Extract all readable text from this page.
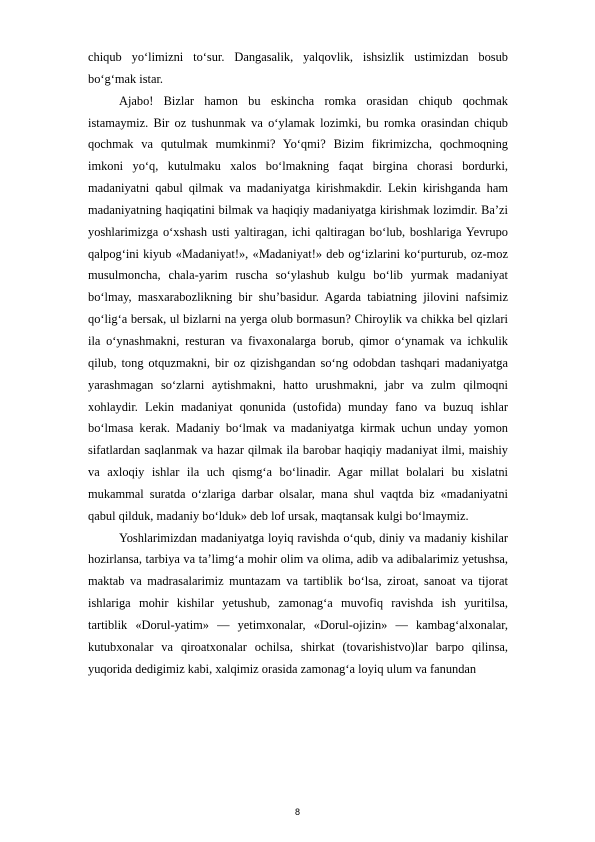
chiqub yo‘limizni to‘sur. Dangasalik, yalqovlik, ishsizlik ustimizdan bosub bo‘g‘mak istar.

Ajabo! Bizlar hamon bu eskincha romka orasidan chiqub qochmak istamaymiz. Bir oz tushunmak va o‘ylamak lozimki, bu romka orasindan chiqub qochmak va qutulmak mumkinmi? Yo‘qmi? Bizim fikrimizcha, qochmoqning imkoni yo‘q, kutulmaku xalos bo‘lmakning faqat birgina chorasi bordurki, madaniyatni qabul qilmak va madaniyatga kirishmakdir. Lekin kirishganda ham madaniyatning haqiqatini bilmak va haqiqiy madaniyatga kirishmak lozimdir. Ba’zi yoshlarimizga o‘xshash usti yaltiragan, ichi qaltiragan bo‘lub, boshlariga Yevrupo qalpog‘ini kiyub «Madaniyat!», «Madaniyat!» deb og‘izlarini ko‘purturub, oz-moz musulmoncha, chala-yarim ruscha so‘ylashub kulgu bo‘lib yurmak madaniyat bo‘lmay, masxarabozlikning bir shu’basidur. Agarda tabiatning jilovini nafsimiz qo‘lig‘a bersak, ul bizlarni na yerga olub bormasun? Chiroylik va chikka bel qizlari ila o‘ynashmakni, resturan va fivaxonalarga borub, qimor o‘ynamak va ichkulik qilub, tong otquzmakni, bir oz qizishgandan so‘ng odobdan tashqari madaniyatga yarashmagan so‘zlarni aytishmakni, hatto urushmakni, jabr va zulm qilmoqni xohlaydir. Lekin madaniyat qonunida (ustofida) munday fano va buzuq ishlar bo‘lmasa kerak. Madaniy bo‘lmak va madaniyatga kirmak uchun unday yomon sifatlardan saqlanmak va hazar qilmak ila barobar haqiqiy madaniyat ilmi, maishiy va axloqiy ishlar ila uch qismg‘a bo‘linadir. Agar millat bolalari bu xislatni mukammal suratda o‘zlariga darbar olsalar, mana shul vaqtda biz «madaniyatni qabul qilduk, madaniy bo‘lduk» deb lof ursak, maqtansak kulgi bo‘lmaymiz.

Yoshlarimizdan madaniyatga loyiq ravishda o‘qub, diniy va madaniy kishilar hozirlansa, tarbiya va ta’limg‘a mohir olim va olima, adib va adibalarimiz yetushsa, maktab va madrasalarimiz muntazam va tartiblik bo‘lsa, ziroat, sanoat va tijorat ishlariga mohir kishilar yetushub, zamonag‘a muvofiq ravishda ish yuritilsa, tartiblik «Dorul-yatim» — yetimxonalar, «Dorul-ojizin» — kambag‘alxonalar, kutubxonalar va qiroatxonalar ochilsa, shirkat (tovarishistvo)lar barpo qilinsa, yuqorida dedigimiz kabi, xalqimiz orasida zamonag‘a loyiq ulum va fanundan

8
